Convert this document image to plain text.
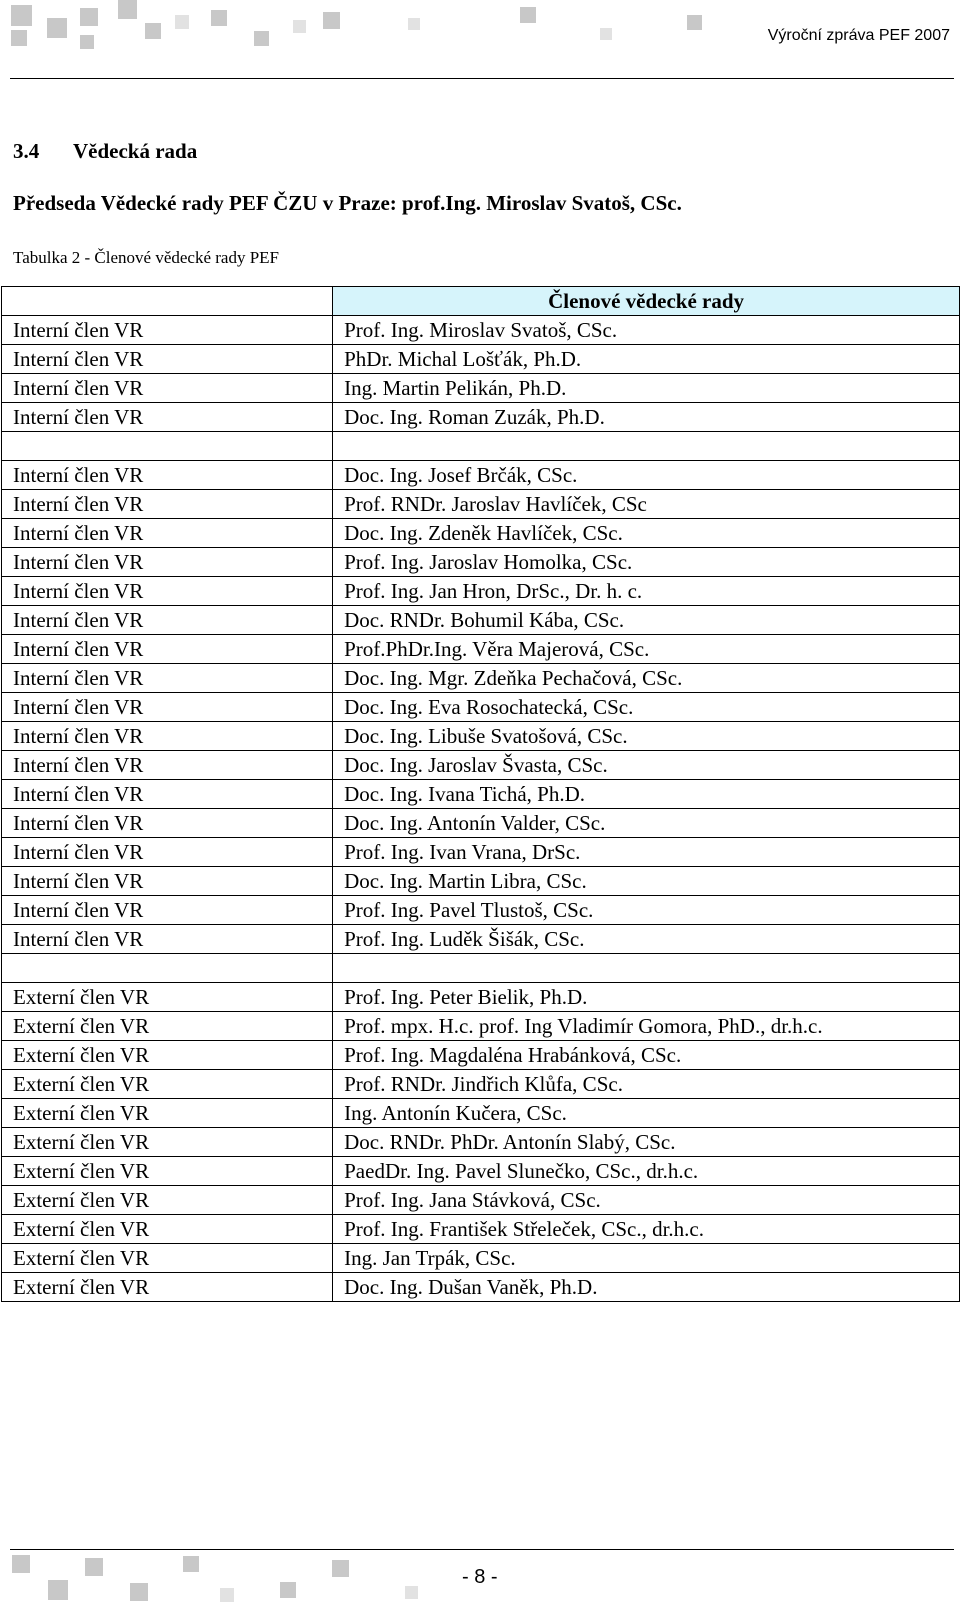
Výroční zpráva PEF 2007
3.4 Vědecká rada
Předseda Vědecké rady PEF ČZU v Praze: prof.Ing. Miroslav Svatoš, CSc.
Tabulka 2 - Členové vědecké rady PEF
	Členové vědecké rady
Interní člen VR	Prof. Ing. Miroslav Svatoš, CSc.
Interní člen VR	PhDr. Michal Lošťák, Ph.D.
Interní člen VR	Ing. Martin Pelikán, Ph.D.
Interní člen VR	Doc. Ing. Roman Zuzák, Ph.D.

Interní člen VR	Doc. Ing. Josef Brčák, CSc.
Interní člen VR	Prof. RNDr. Jaroslav Havlíček, CSc
Interní člen VR	Doc. Ing. Zdeněk Havlíček, CSc.
Interní člen VR	Prof. Ing. Jaroslav Homolka, CSc.
Interní člen VR	Prof. Ing. Jan Hron, DrSc., Dr. h. c.
Interní člen VR	Doc. RNDr. Bohumil Kába, CSc.
Interní člen VR	Prof.PhDr.Ing. Věra Majerová, CSc.
Interní člen VR	Doc. Ing. Mgr. Zdeňka Pechačová, CSc.
Interní člen VR	Doc. Ing. Eva Rosochatecká, CSc.
Interní člen VR	Doc. Ing. Libuše Svatošová, CSc.
Interní člen VR	Doc. Ing. Jaroslav Švasta, CSc.
Interní člen VR	Doc. Ing. Ivana Tichá, Ph.D.
Interní člen VR	Doc. Ing. Antonín Valder, CSc.
Interní člen VR	Prof. Ing. Ivan Vrana, DrSc.
Interní člen VR	Doc. Ing. Martin Libra, CSc.
Interní člen VR	Prof. Ing. Pavel Tlustoš, CSc.
Interní člen VR	Prof. Ing. Luděk Šišák, CSc.

Externí člen VR	Prof. Ing. Peter Bielik, Ph.D.
Externí člen VR	Prof. mpx. H.c. prof. Ing Vladimír Gomora, PhD., dr.h.c.
Externí člen VR	Prof. Ing. Magdaléna Hrabánková, CSc.
Externí člen VR	Prof. RNDr. Jindřich Klůfa, CSc.
Externí člen VR	Ing. Antonín Kučera, CSc.
Externí člen VR	Doc. RNDr. PhDr. Antonín Slabý, CSc.
Externí člen VR	PaedDr. Ing. Pavel Slunečko, CSc., dr.h.c.
Externí člen VR	Prof. Ing. Jana Stávková, CSc.
Externí člen VR	Prof. Ing. František Střeleček, CSc., dr.h.c.
Externí člen VR	Ing. Jan Trpák, CSc.
Externí člen VR	Doc. Ing. Dušan Vaněk, Ph.D.
- 8 -
